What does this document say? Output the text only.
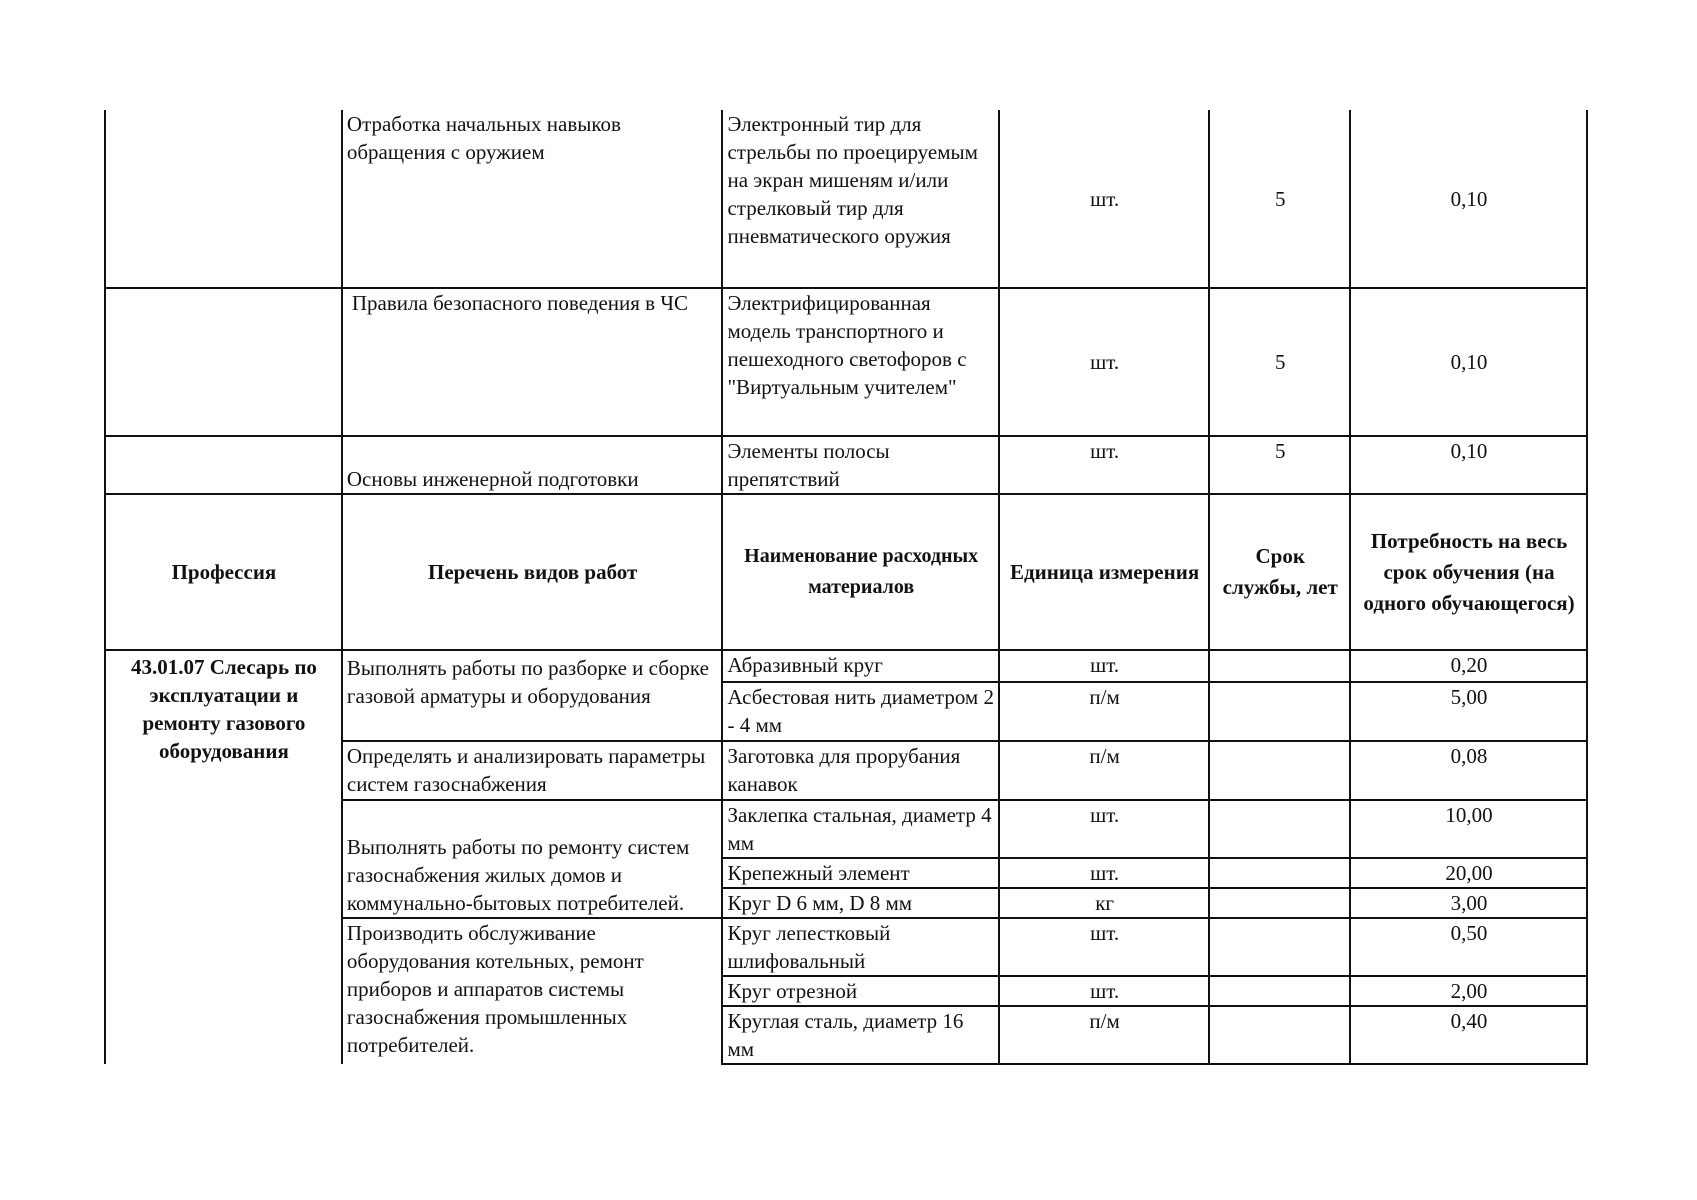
	Отработка начальных навыков обращения с оружием	Электронный тир для стрельбы по проецируемым на экран мишеням и/или стрелковый тир для пневматического оружия	шт.	5	0,10
	Правила безопасного поведения в ЧС	Электрифицированная модель транспортного и пешеходного светофоров с "Виртуальным учителем"	шт.	5	0,10
	Основы инженерной подготовки	Элементы полосы препятствий	шт.	5	0,10
Профессия	Перечень видов работ	Наименование расходных материалов	Единица измерения	Срок службы, лет	Потребность на весь срок обучения (на одного обучающегося)
43.01.07 Слесарь по эксплуатации и ремонту газового оборудования	Выполнять работы по разборке и сборке газовой арматуры и оборудования	Абразивный круг	шт.		0,20
		Асбестовая нить диаметром 2 - 4 мм	п/м		5,00
	Определять и анализировать параметры систем газоснабжения	Заготовка для прорубания канавок	п/м		0,08
	Выполнять работы по ремонту систем газоснабжения жилых домов и коммунально-бытовых потребителей.	Заклепка стальная, диаметр 4 мм	шт.		10,00
		Крепежный элемент	шт.		20,00
		Круг D 6 мм, D 8 мм	кг		3,00
	Производить обслуживание оборудования котельных, ремонт приборов и аппаратов системы газоснабжения промышленных потребителей.	Круг лепестковый шлифовальный	шт.		0,50
		Круг отрезной	шт.		2,00
		Круглая сталь, диаметр 16 мм	п/м		0,40
